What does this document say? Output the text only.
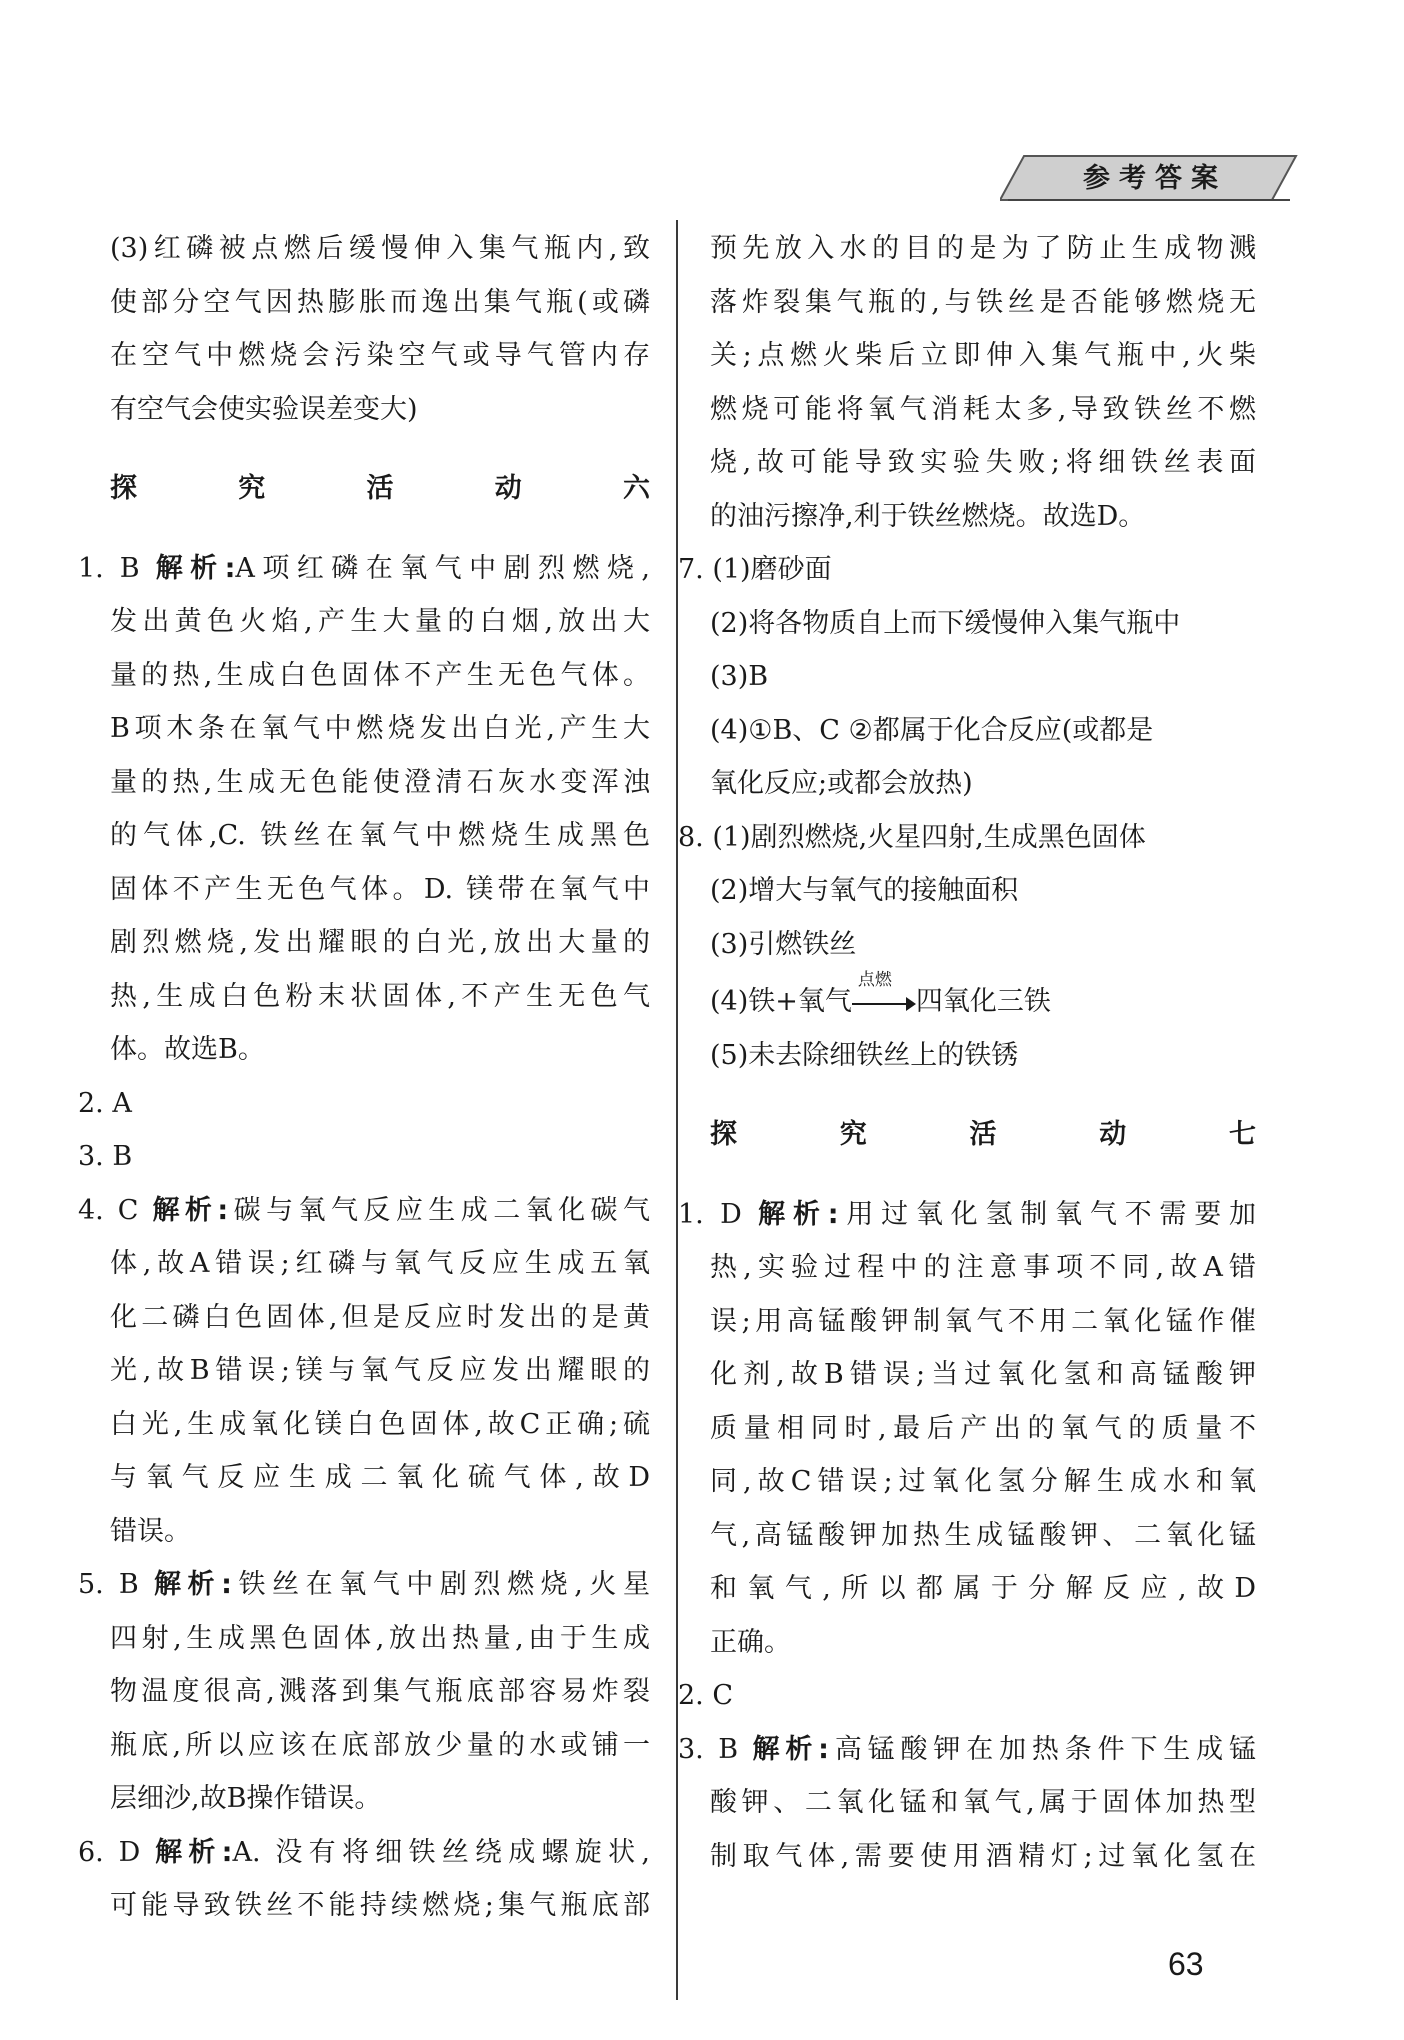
参考答案
(3)红磷被点燃后缓慢伸入集气瓶内,致
使部分空气因热膨胀而逸出集气瓶(或磷
在空气中燃烧会污染空气或导气管内存
有空气会使实验误差变大)
探究活动六
1. B 解析:A项红磷在氧气中剧烈燃烧,
发出黄色火焰,产生大量的白烟,放出大
量的热,生成白色固体不产生无色气体。
B项木条在氧气中燃烧发出白光,产生大
量的热,生成无色能使澄清石灰水变浑浊
的气体,C. 铁丝在氧气中燃烧生成黑色
固体不产生无色气体。D. 镁带在氧气中
剧烈燃烧,发出耀眼的白光,放出大量的
热,生成白色粉末状固体,不产生无色气
体。故选B。
2. A
3. B
4. C 解析:碳与氧气反应生成二氧化碳气
体,故A错误;红磷与氧气反应生成五氧
化二磷白色固体,但是反应时发出的是黄
光,故B错误;镁与氧气反应发出耀眼的
白光,生成氧化镁白色固体,故C正确;硫
与氧气反应生成二氧化硫气体,故D
错误。
5. B 解析:铁丝在氧气中剧烈燃烧,火星
四射,生成黑色固体,放出热量,由于生成
物温度很高,溅落到集气瓶底部容易炸裂
瓶底,所以应该在底部放少量的水或铺一
层细沙,故B操作错误。
6. D 解析:A. 没有将细铁丝绕成螺旋状,
可能导致铁丝不能持续燃烧;集气瓶底部
预先放入水的目的是为了防止生成物溅
落炸裂集气瓶的,与铁丝是否能够燃烧无
关;点燃火柴后立即伸入集气瓶中,火柴
燃烧可能将氧气消耗太多,导致铁丝不燃
烧,故可能导致实验失败;将细铁丝表面
的油污擦净,利于铁丝燃烧。故选D。
7. (1)磨砂面
(2)将各物质自上而下缓慢伸入集气瓶中
(3)B
(4)①B、C ②都属于化合反应(或都是
氧化反应;或都会放热)
8. (1)剧烈燃烧,火星四射,生成黑色固体
(2)增大与氧气的接触面积
(3)引燃铁丝
(4)铁+氧气
点燃
四氧化三铁
(5)未去除细铁丝上的铁锈
探究活动七
1. D 解析:用过氧化氢制氧气不需要加
热,实验过程中的注意事项不同,故A错
误;用高锰酸钾制氧气不用二氧化锰作催
化剂,故B错误;当过氧化氢和高锰酸钾
质量相同时,最后产出的氧气的质量不
同,故C错误;过氧化氢分解生成水和氧
气,高锰酸钾加热生成锰酸钾、二氧化锰
和氧气,所以都属于分解反应,故D
正确。
2. C
3. B 解析:高锰酸钾在加热条件下生成锰
酸钾、二氧化锰和氧气,属于固体加热型
制取气体,需要使用酒精灯;过氧化氢在
63
